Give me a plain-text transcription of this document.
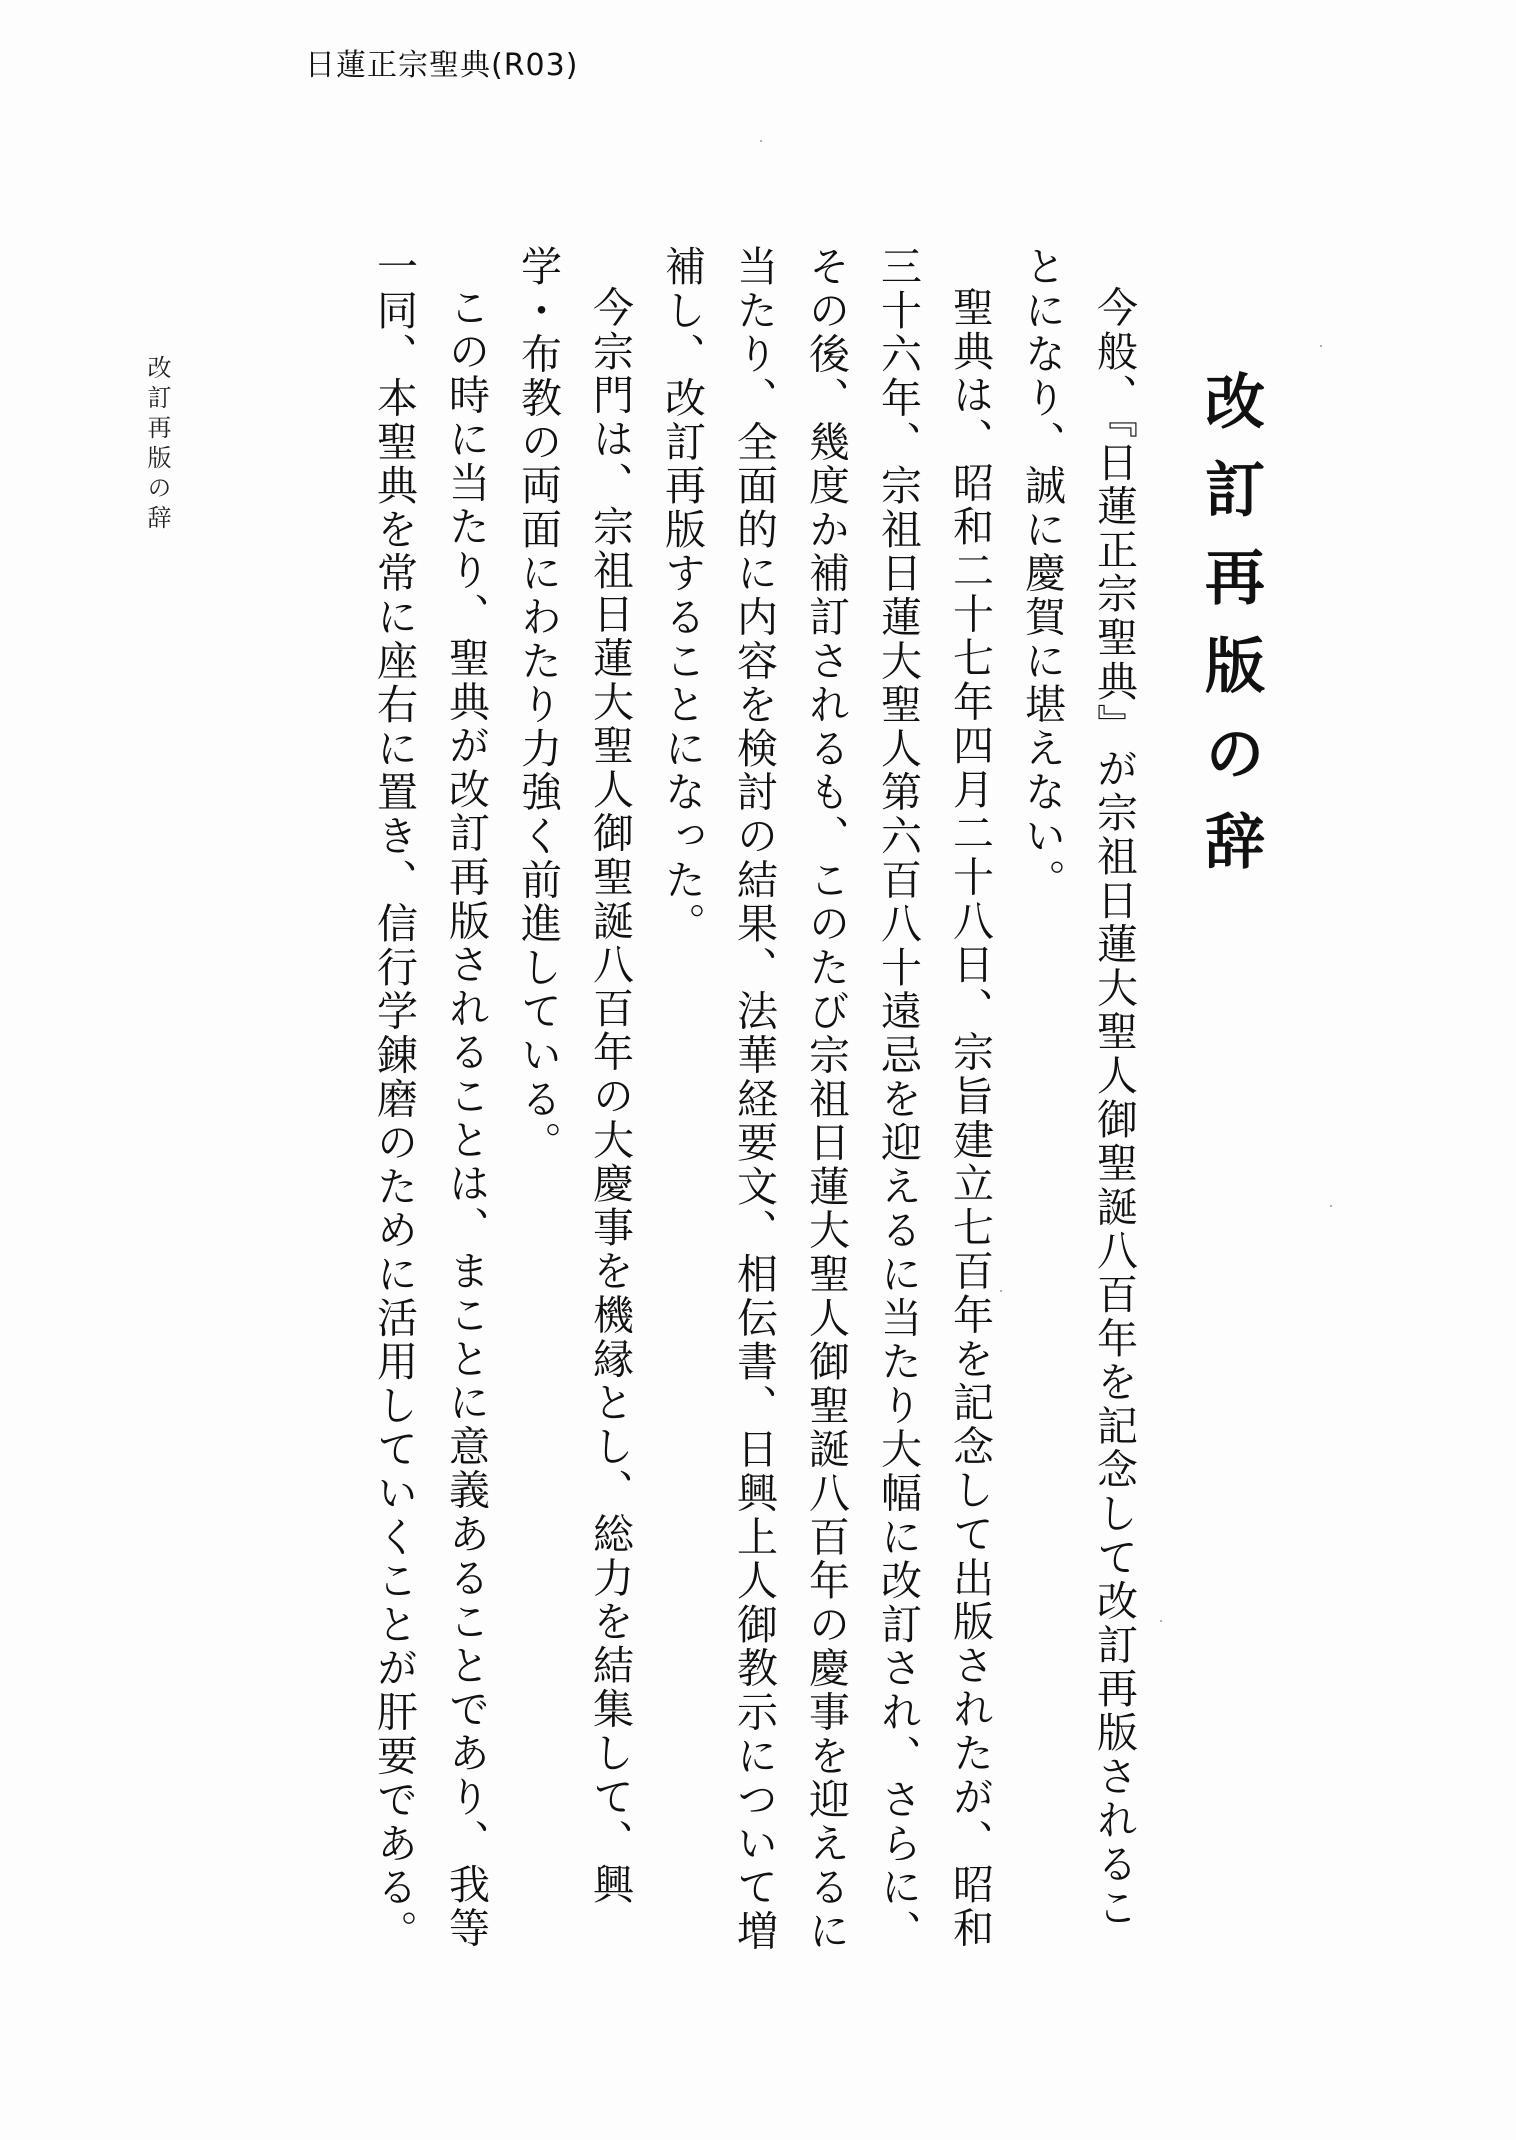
日蓮正宗聖典(R03)
改訂再版の辞

今般、『日蓮正宗聖典』が宗祖日蓮大聖人御聖誕八百年を記念して改訂再版されることになり、誠に慶賀に堪えない。

聖典は、昭和二十七年四月二十八日、宗旨建立七百年を記念して出版されたが、昭和三十六年、宗祖日蓮大聖人第六百八十遠忌を迎えるに当たり大幅に改訂され、さらに、その後、幾度か補訂されるも、このたび宗祖日蓮大聖人御聖誕八百年の慶事を迎えるに当たり、全面的に内容を検討の結果、法華経要文、相伝書、日興上人御教示について増補し、改訂再版することになった。

今宗門は、宗祖日蓮大聖人御聖誕八百年の大慶事を機縁とし、総力を結集して、興学・布教の両面にわたり力強く前進している。

この時に当たり、聖典が改訂再版されることは、まことに意義あることであり、我等一同、本聖典を常に座右に置き、信行学錬磨のために活用していくことが肝要である。

改訂再版の辞
